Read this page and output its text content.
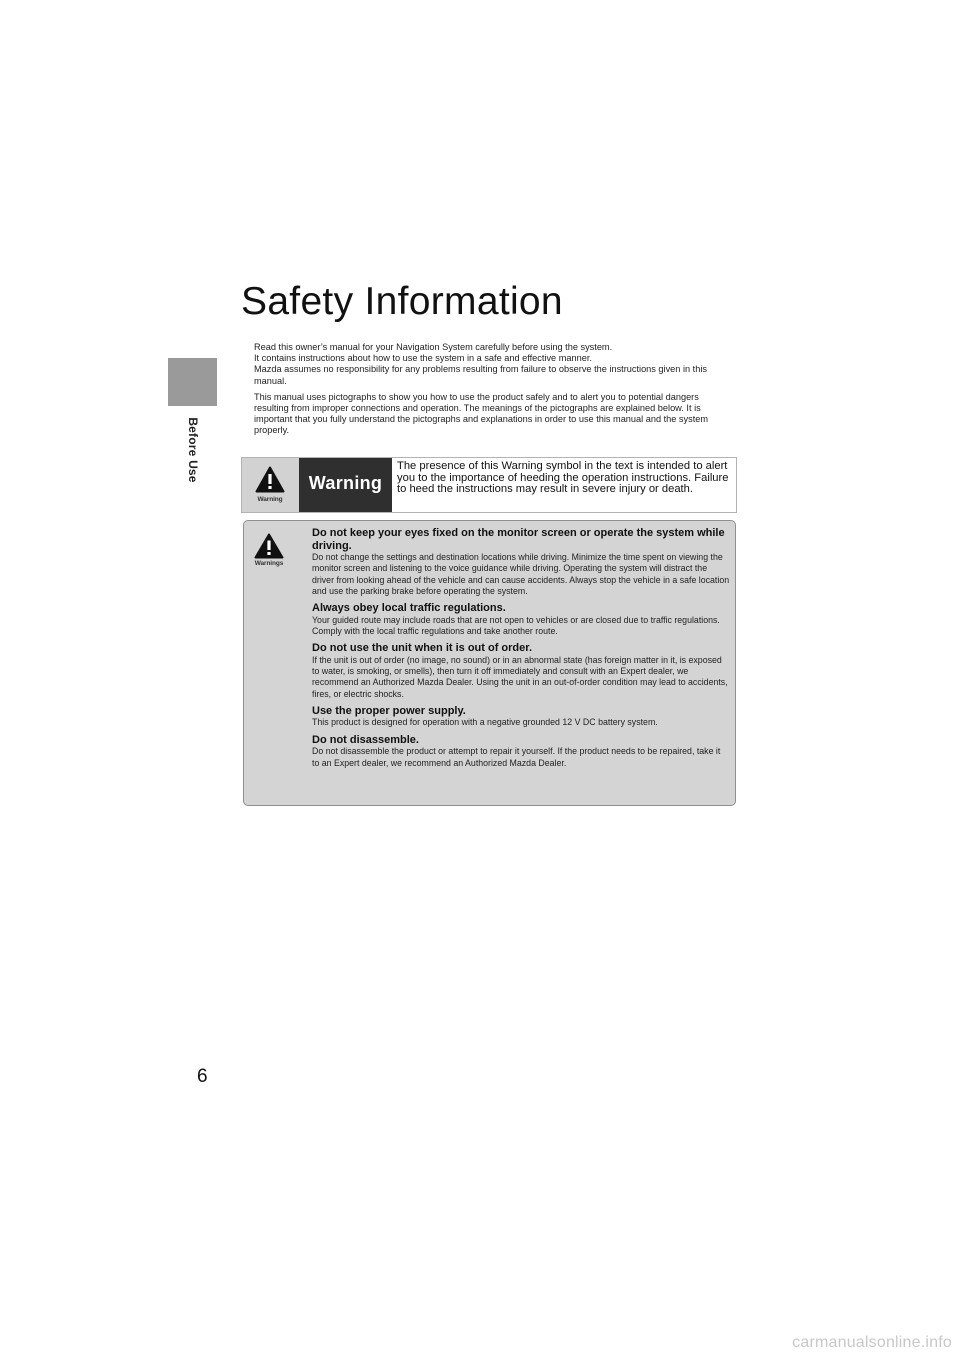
Before Use
Safety Information

Read this owner’s manual for your Navigation System carefully before using the system.
It contains instructions about how to use the system in a safe and effective manner.
Mazda assumes no responsibility for any problems resulting from failure to observe the instructions given in this manual.

This manual uses pictographs to show you how to use the product safely and to alert you to potential dangers resulting from improper connections and operation. The meanings of the pictographs are explained below. It is important that you fully understand the pictographs and explanations in order to use this manual and the system properly.

Warning
Warning
The presence of this Warning symbol in the text is intended to alert you to the importance of heeding the operation instructions. Failure to heed the instructions may result in severe injury or death.
Warnings
Do not keep your eyes fixed on the monitor screen or operate the system while driving.
Do not change the settings and destination locations while driving. Minimize the time spent on viewing the monitor screen and listening to the voice guidance while driving. Operating the system will distract the driver from looking ahead of the vehicle and can cause accidents. Always stop the vehicle in a safe location and use the parking brake before operating the system.
Always obey local traffic regulations.
Your guided route may include roads that are not open to vehicles or are closed due to traffic regulations. Comply with the local traffic regulations and take another route.
Do not use the unit when it is out of order.
If the unit is out of order (no image, no sound) or in an abnormal state (has foreign matter in it, is exposed to water, is smoking, or smells), then turn it off immediately and consult with an Expert dealer, we recommend an Authorized Mazda Dealer. Using the unit in an out-of-order condition may lead to accidents, fires, or electric shocks.
Use the proper power supply.
This product is designed for operation with a negative grounded 12 V DC battery system.
Do not disassemble.
Do not disassemble the product or attempt to repair it yourself. If the product needs to be repaired, take it to an Expert dealer, we recommend an Authorized Mazda Dealer.
6
carmanualsonline.info
